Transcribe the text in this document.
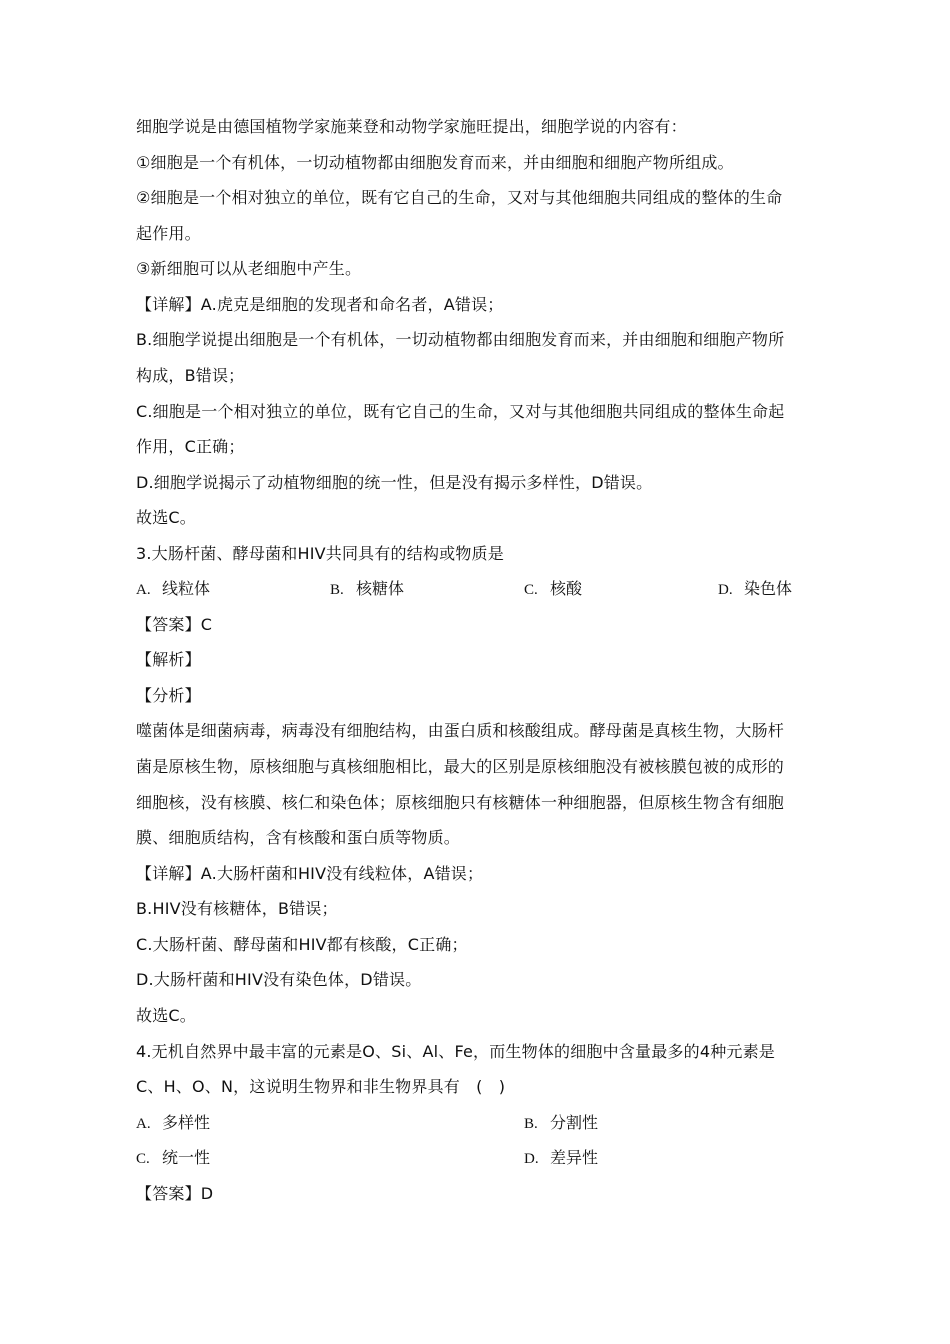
细胞学说是由德国植物学家施莱登和动物学家施旺提出，细胞学说的内容有：
①细胞是一个有机体，一切动植物都由细胞发育而来，并由细胞和细胞产物所组成。
②细胞是一个相对独立的单位，既有它自己的生命，又对与其他细胞共同组成的整体的生命
起作用。
③新细胞可以从老细胞中产生。
【详解】A.虎克是细胞的发现者和命名者，A错误；
B.细胞学说提出细胞是一个有机体，一切动植物都由细胞发育而来，并由细胞和细胞产物所
构成，B错误；
C.细胞是一个相对独立的单位，既有它自己的生命，又对与其他细胞共同组成的整体生命起
作用，C正确；
D.细胞学说揭示了动植物细胞的统一性，但是没有揭示多样性，D错误。
故选C。
3.大肠杆菌、酵母菌和HIV共同具有的结构或物质是
A. 线粒体	B. 核糖体	C. 核酸	D. 染色体
【答案】C
【解析】
【分析】
噬菌体是细菌病毒，病毒没有细胞结构，由蛋白质和核酸组成。酵母菌是真核生物，大肠杆
菌是原核生物，原核细胞与真核细胞相比，最大的区别是原核细胞没有被核膜包被的成形的
细胞核，没有核膜、核仁和染色体；原核细胞只有核糖体一种细胞器，但原核生物含有细胞
膜、细胞质结构，含有核酸和蛋白质等物质。
【详解】A.大肠杆菌和HIV没有线粒体，A错误；
B.HIV没有核糖体，B错误；
C.大肠杆菌、酵母菌和HIV都有核酸，C正确；
D.大肠杆菌和HIV没有染色体，D错误。
故选C。
4.无机自然界中最丰富的元素是O、Si、Al、Fe，而生物体的细胞中含量最多的4种元素是
C、H、O、N，这说明生物界和非生物界具有　(　)
A. 多样性	B. 分割性
C. 统一性	D. 差异性
【答案】D
